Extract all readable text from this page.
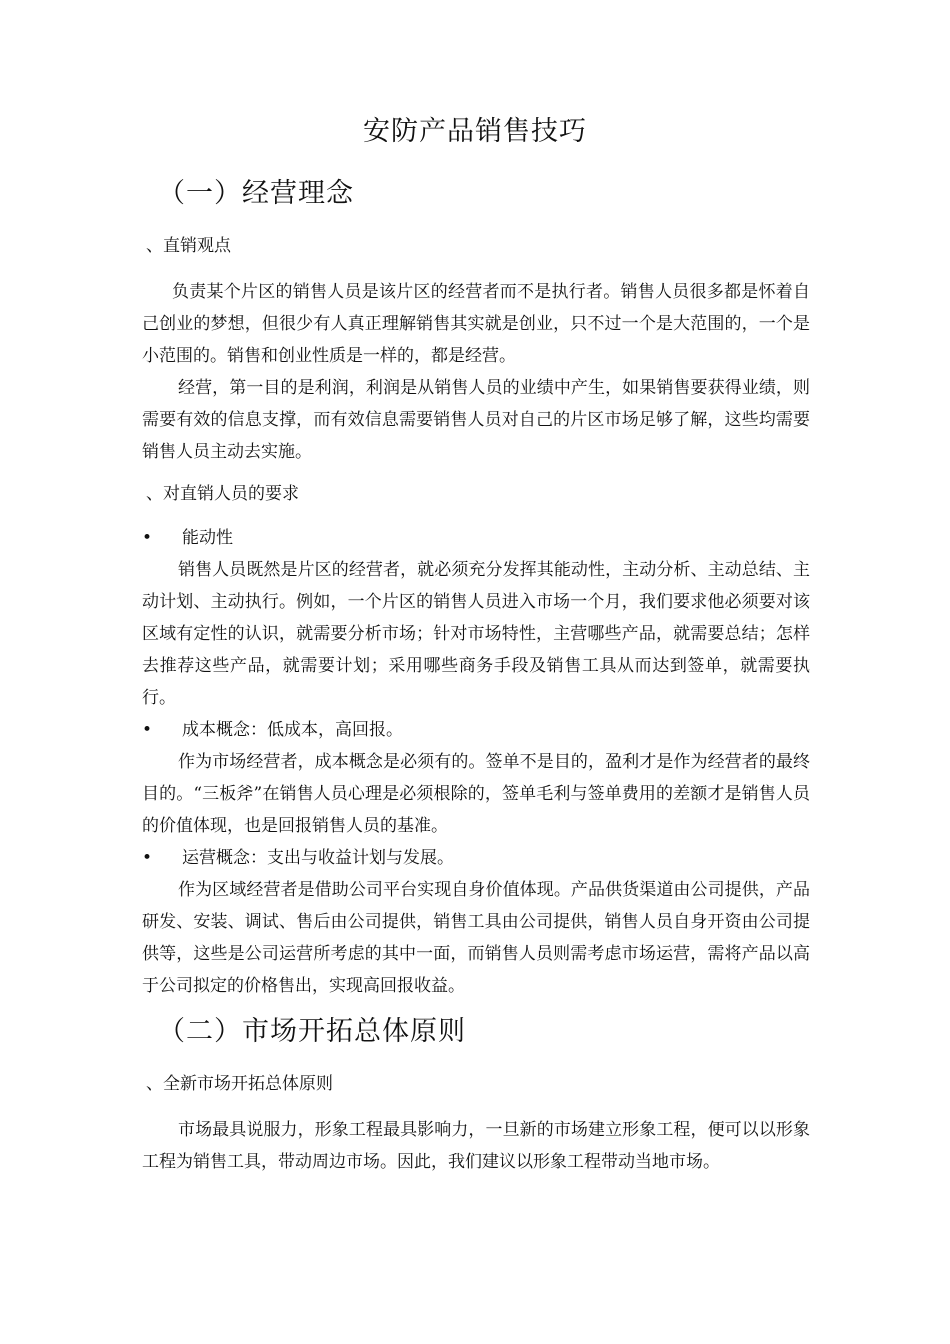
安防产品销售技巧
（一）经营理念
、直销观点

负责某个片区的销售人员是该片区的经营者而不是执行者。销售人员很多都是怀着自己创业的梦想，但很少有人真正理解销售其实就是创业，只不过一个是大范围的，一个是小范围的。销售和创业性质是一样的，都是经营。

经营，第一目的是利润，利润是从销售人员的业绩中产生，如果销售要获得业绩，则需要有效的信息支撑，而有效信息需要销售人员对自己的片区市场足够了解，这些均需要销售人员主动去实施。

、对直销人员的要求
•	能动性

销售人员既然是片区的经营者，就必须充分发挥其能动性，主动分析、主动总结、主动计划、主动执行。例如，一个片区的销售人员进入市场一个月，我们要求他必须要对该区域有定性的认识，就需要分析市场；针对市场特性，主营哪些产品，就需要总结；怎样去推荐这些产品，就需要计划；采用哪些商务手段及销售工具从而达到签单，就需要执行。

•	成本概念：低成本，高回报。

作为市场经营者，成本概念是必须有的。签单不是目的，盈利才是作为经营者的最终目的。“三板斧”在销售人员心理是必须根除的，签单毛利与签单费用的差额才是销售人员的价值体现，也是回报销售人员的基准。

•	运营概念：支出与收益计划与发展。

作为区域经营者是借助公司平台实现自身价值体现。产品供货渠道由公司提供，产品研发、安装、调试、售后由公司提供，销售工具由公司提供，销售人员自身开资由公司提供等，这些是公司运营所考虑的其中一面，而销售人员则需考虑市场运营，需将产品以高于公司拟定的价格售出，实现高回报收益。

（二）市场开拓总体原则
、全新市场开拓总体原则

市场最具说服力，形象工程最具影响力，一旦新的市场建立形象工程，便可以以形象工程为销售工具，带动周边市场。因此，我们建议以形象工程带动当地市场。
